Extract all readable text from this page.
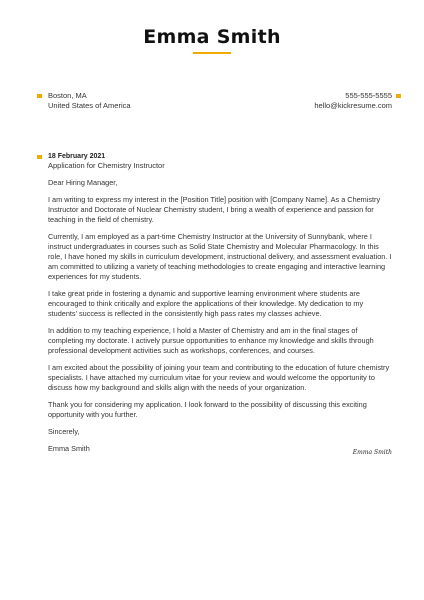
Emma Smith
Boston, MA
United States of America
555-555-5555
hello@kickresume.com
18 February 2021
Application for Chemistry Instructor

Dear Hiring Manager,

I am writing to express my interest in the [Position Title] position with [Company Name]. As a Chemistry Instructor and Doctorate of Nuclear Chemistry student, I bring a wealth of experience and passion for teaching in the field of chemistry.

Currently, I am employed as a part-time Chemistry Instructor at the University of Sunnybank, where I instruct undergraduates in courses such as Solid State Chemistry and Molecular Pharmacology. In this role, I have honed my skills in curriculum development, instructional delivery, and assessment evaluation. I am committed to utilizing a variety of teaching methodologies to create engaging and interactive learning experiences for my students.

I take great pride in fostering a dynamic and supportive learning environment where students are encouraged to think critically and explore the applications of their knowledge. My dedication to my students' success is reflected in the consistently high pass rates my classes achieve.

In addition to my teaching experience, I hold a Master of Chemistry and am in the final stages of completing my doctorate. I actively pursue opportunities to enhance my knowledge and skills through professional development activities such as workshops, conferences, and courses.

I am excited about the possibility of joining your team and contributing to the education of future chemistry specialists. I have attached my curriculum vitae for your review and would welcome the opportunity to discuss how my background and skills align with the needs of your organization.

Thank you for considering my application. I look forward to the possibility of discussing this exciting opportunity with you further.

Sincerely,

Emma Smith	Emma Smith
